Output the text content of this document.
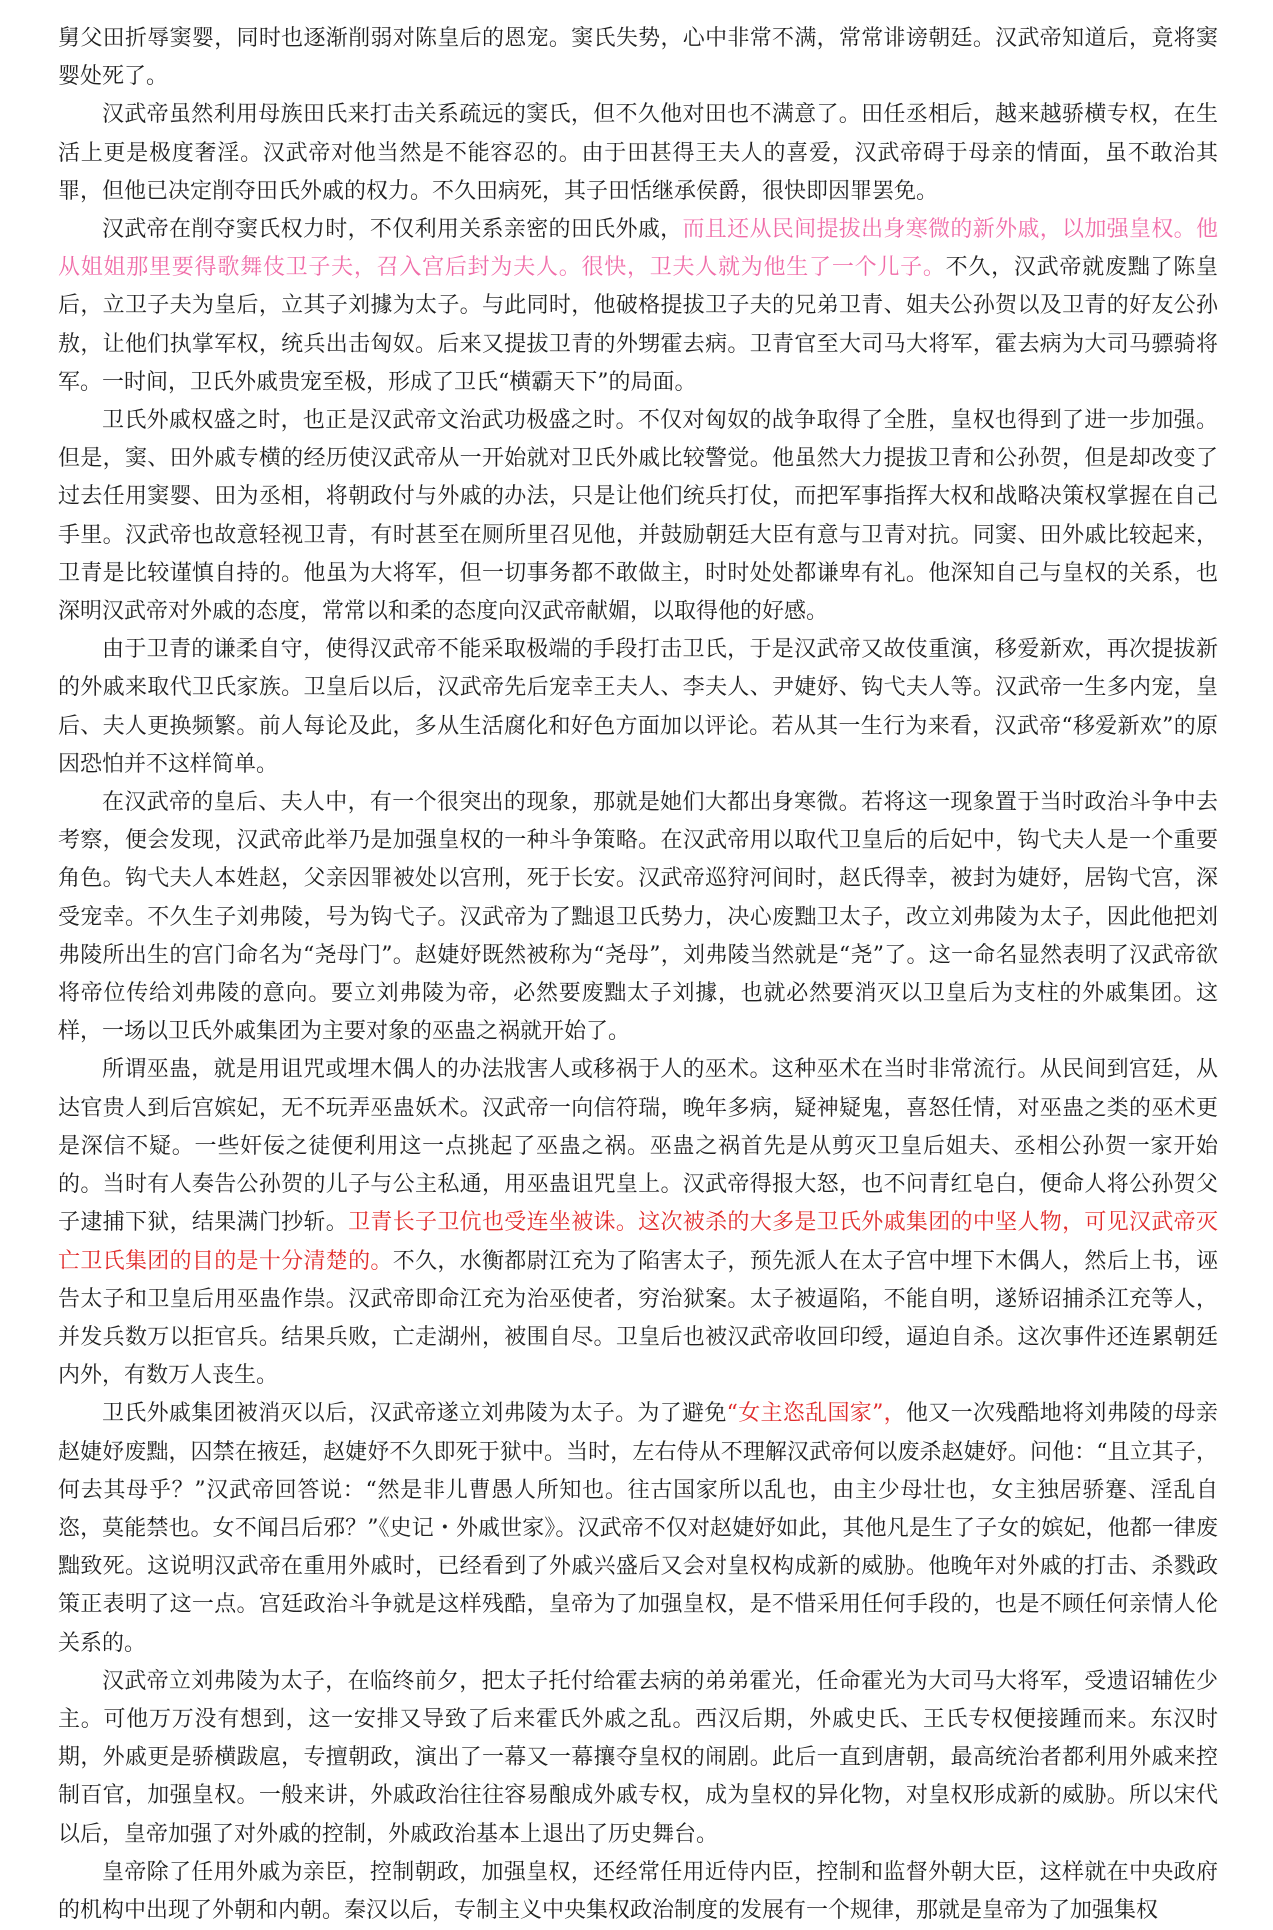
舅父田折辱窦婴，同时也逐渐削弱对陈皇后的恩宠。窦氏失势，心中非常不满，常常诽谤朝廷。汉武帝知道后，竟将窦婴处死了。

汉武帝虽然利用母族田氏来打击关系疏远的窦氏，但不久他对田也不满意了。田任丞相后，越来越骄横专权，在生活上更是极度奢淫。汉武帝对他当然是不能容忍的。由于田甚得王夫人的喜爱，汉武帝碍于母亲的情面，虽不敢治其罪，但他已决定削夺田氏外戚的权力。不久田病死，其子田恬继承侯爵，很快即因罪罢免。

汉武帝在削夺窦氏权力时，不仅利用关系亲密的田氏外戚，而且还从民间提拔出身寒微的新外戚，以加强皇权。他从姐姐那里要得歌舞伎卫子夫，召入宫后封为夫人。很快，卫夫人就为他生了一个儿子。不久，汉武帝就废黜了陈皇后，立卫子夫为皇后，立其子刘據为太子。与此同时，他破格提拔卫子夫的兄弟卫青、姐夫公孙贺以及卫青的好友公孙敖，让他们执掌军权，统兵出击匈奴。后来又提拔卫青的外甥霍去病。卫青官至大司马大将军，霍去病为大司马骠骑将军。一时间，卫氏外戚贵宠至极，形成了卫氏“横霸天下”的局面。

卫氏外戚权盛之时，也正是汉武帝文治武功极盛之时。不仅对匈奴的战争取得了全胜，皇权也得到了进一步加强。但是，窦、田外戚专横的经历使汉武帝从一开始就对卫氏外戚比较警觉。他虽然大力提拔卫青和公孙贺，但是却改变了过去任用窦婴、田为丞相，将朝政付与外戚的办法，只是让他们统兵打仗，而把军事指挥大权和战略决策权掌握在自己手里。汉武帝也故意轻视卫青，有时甚至在厕所里召见他，并鼓励朝廷大臣有意与卫青对抗。同窦、田外戚比较起来，卫青是比较谨慎自持的。他虽为大将军，但一切事务都不敢做主，时时处处都谦卑有礼。他深知自己与皇权的关系，也深明汉武帝对外戚的态度，常常以和柔的态度向汉武帝献媚，以取得他的好感。

由于卫青的谦柔自守，使得汉武帝不能采取极端的手段打击卫氏，于是汉武帝又故伎重演，移爱新欢，再次提拔新的外戚来取代卫氏家族。卫皇后以后，汉武帝先后宠幸王夫人、李夫人、尹婕妤、钩弋夫人等。汉武帝一生多内宠，皇后、夫人更换频繁。前人每论及此，多从生活腐化和好色方面加以评论。若从其一生行为来看，汉武帝“移爱新欢”的原因恐怕并不这样简单。

在汉武帝的皇后、夫人中，有一个很突出的现象，那就是她们大都出身寒微。若将这一现象置于当时政治斗争中去考察，便会发现，汉武帝此举乃是加强皇权的一种斗争策略。在汉武帝用以取代卫皇后的后妃中，钩弋夫人是一个重要角色。钩弋夫人本姓赵，父亲因罪被处以宫刑，死于长安。汉武帝巡狩河间时，赵氏得幸，被封为婕妤，居钩弋宫，深受宠幸。不久生子刘弗陵，号为钩弋子。汉武帝为了黜退卫氏势力，决心废黜卫太子，改立刘弗陵为太子，因此他把刘弗陵所出生的宫门命名为“尧母门”。赵婕妤既然被称为“尧母”，刘弗陵当然就是“尧”了。这一命名显然表明了汉武帝欲将帝位传给刘弗陵的意向。要立刘弗陵为帝，必然要废黜太子刘據，也就必然要消灭以卫皇后为支柱的外戚集团。这样，一场以卫氏外戚集团为主要对象的巫蛊之祸就开始了。

所谓巫蛊，就是用诅咒或埋木偶人的办法戕害人或移祸于人的巫术。这种巫术在当时非常流行。从民间到宫廷，从达官贵人到后宫嫔妃，无不玩弄巫蛊妖术。汉武帝一向信符瑞，晚年多病，疑神疑鬼，喜怒任情，对巫蛊之类的巫术更是深信不疑。一些奸佞之徒便利用这一点挑起了巫蛊之祸。巫蛊之祸首先是从剪灭卫皇后姐夫、丞相公孙贺一家开始的。当时有人奏告公孙贺的儿子与公主私通，用巫蛊诅咒皇上。汉武帝得报大怒，也不问青红皂白，便命人将公孙贺父子逮捕下狱，结果满门抄斩。卫青长子卫伉也受连坐被诛。这次被杀的大多是卫氏外戚集团的中坚人物，可见汉武帝灭亡卫氏集团的目的是十分清楚的。不久，水衡都尉江充为了陷害太子，预先派人在太子宫中埋下木偶人，然后上书，诬告太子和卫皇后用巫蛊作祟。汉武帝即命江充为治巫使者，穷治狱案。太子被逼陷，不能自明，遂矫诏捕杀江充等人，并发兵数万以拒官兵。结果兵败，亡走湖州，被围自尽。卫皇后也被汉武帝收回印绶，逼迫自杀。这次事件还连累朝廷内外，有数万人丧生。

卫氏外戚集团被消灭以后，汉武帝遂立刘弗陵为太子。为了避免“女主恣乱国家”，他又一次残酷地将刘弗陵的母亲赵婕妤废黜，囚禁在掖廷，赵婕妤不久即死于狱中。当时，左右侍从不理解汉武帝何以废杀赵婕妤。问他：“且立其子，何去其母乎？”汉武帝回答说：“然是非儿曹愚人所知也。往古国家所以乱也，由主少母壮也，女主独居骄蹇、淫乱自恣，莫能禁也。女不闻吕后邪？”《史记・外戚世家》。汉武帝不仅对赵婕妤如此，其他凡是生了子女的嫔妃，他都一律废黜致死。这说明汉武帝在重用外戚时，已经看到了外戚兴盛后又会对皇权构成新的威胁。他晚年对外戚的打击、杀戮政策正表明了这一点。宫廷政治斗争就是这样残酷，皇帝为了加强皇权，是不惜采用任何手段的，也是不顾任何亲情人伦关系的。

汉武帝立刘弗陵为太子，在临终前夕，把太子托付给霍去病的弟弟霍光，任命霍光为大司马大将军，受遗诏辅佐少主。可他万万没有想到，这一安排又导致了后来霍氏外戚之乱。西汉后期，外戚史氏、王氏专权便接踵而来。东汉时期，外戚更是骄横跋扈，专擅朝政，演出了一幕又一幕攘夺皇权的闹剧。此后一直到唐朝，最高统治者都利用外戚来控制百官，加强皇权。一般来讲，外戚政治往往容易酿成外戚专权，成为皇权的异化物，对皇权形成新的威胁。所以宋代以后，皇帝加强了对外戚的控制，外戚政治基本上退出了历史舞台。

皇帝除了任用外戚为亲臣，控制朝政，加强皇权，还经常任用近侍内臣，控制和监督外朝大臣，这样就在中央政府的机构中出现了外朝和内朝。秦汉以后，专制主义中央集权政治制度的发展有一个规律，那就是皇帝为了加强集权
